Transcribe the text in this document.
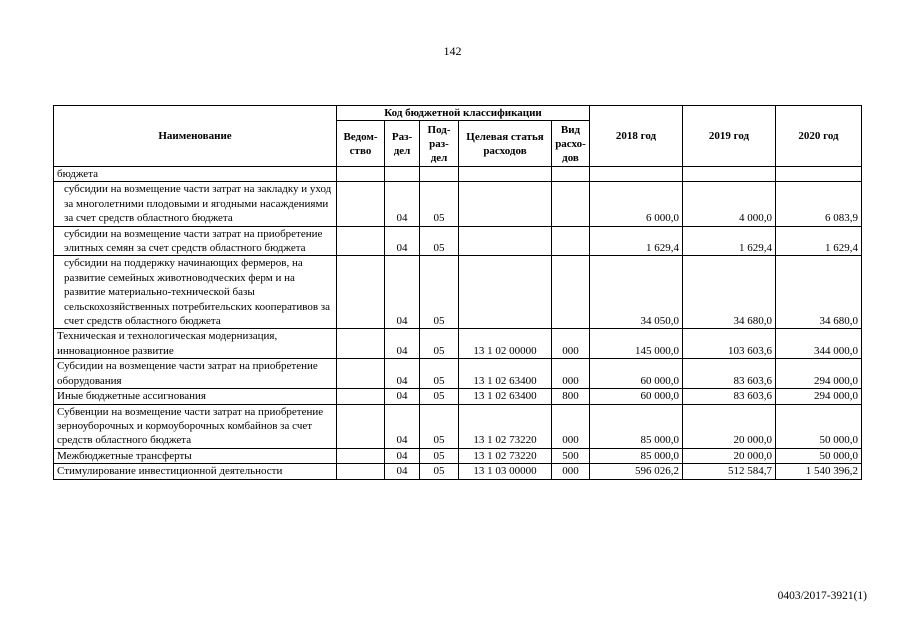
142
Наименование	Код бюджетной классификации					2018 год	2019 год	2020 год
	Ведом-ство	Раз-дел	Под-раз-дел	Целевая статья расходов	Вид расхо-дов			
бюджета								
субсидии на возмещение части затрат на закладку и уход за многолетними плодовыми и ягодными насаждениями за счет средств областного бюджета		04	05			6 000,0	4 000,0	6 083,9
субсидии на возмещение части затрат на приобретение элитных семян за счет средств областного бюджета		04	05			1 629,4	1 629,4	1 629,4
субсидии на поддержку начинающих фермеров, на развитие семейных животноводческих ферм и на развитие материально-технической базы сельскохозяйственных потребительских кооперативов за счет средств областного бюджета		04	05			34 050,0	34 680,0	34 680,0
Техническая и технологическая модернизация, инновационное развитие		04	05	13 1 02 00000	000	145 000,0	103 603,6	344 000,0
Субсидии на возмещение части затрат на приобретение оборудования		04	05	13 1 02 63400	000	60 000,0	83 603,6	294 000,0
Иные бюджетные ассигнования		04	05	13 1 02 63400	800	60 000,0	83 603,6	294 000,0
Субвенции на возмещение части затрат на приобретение зерноуборочных и кормоуборочных комбайнов за счет средств областного бюджета		04	05	13 1 02 73220	000	85 000,0	20 000,0	50 000,0
Межбюджетные трансферты		04	05	13 1 02 73220	500	85 000,0	20 000,0	50 000,0
Стимулирование инвестиционной деятельности		04	05	13 1 03 00000	000	596 026,2	512 584,7	1 540 396,2
0403/2017-3921(1)
